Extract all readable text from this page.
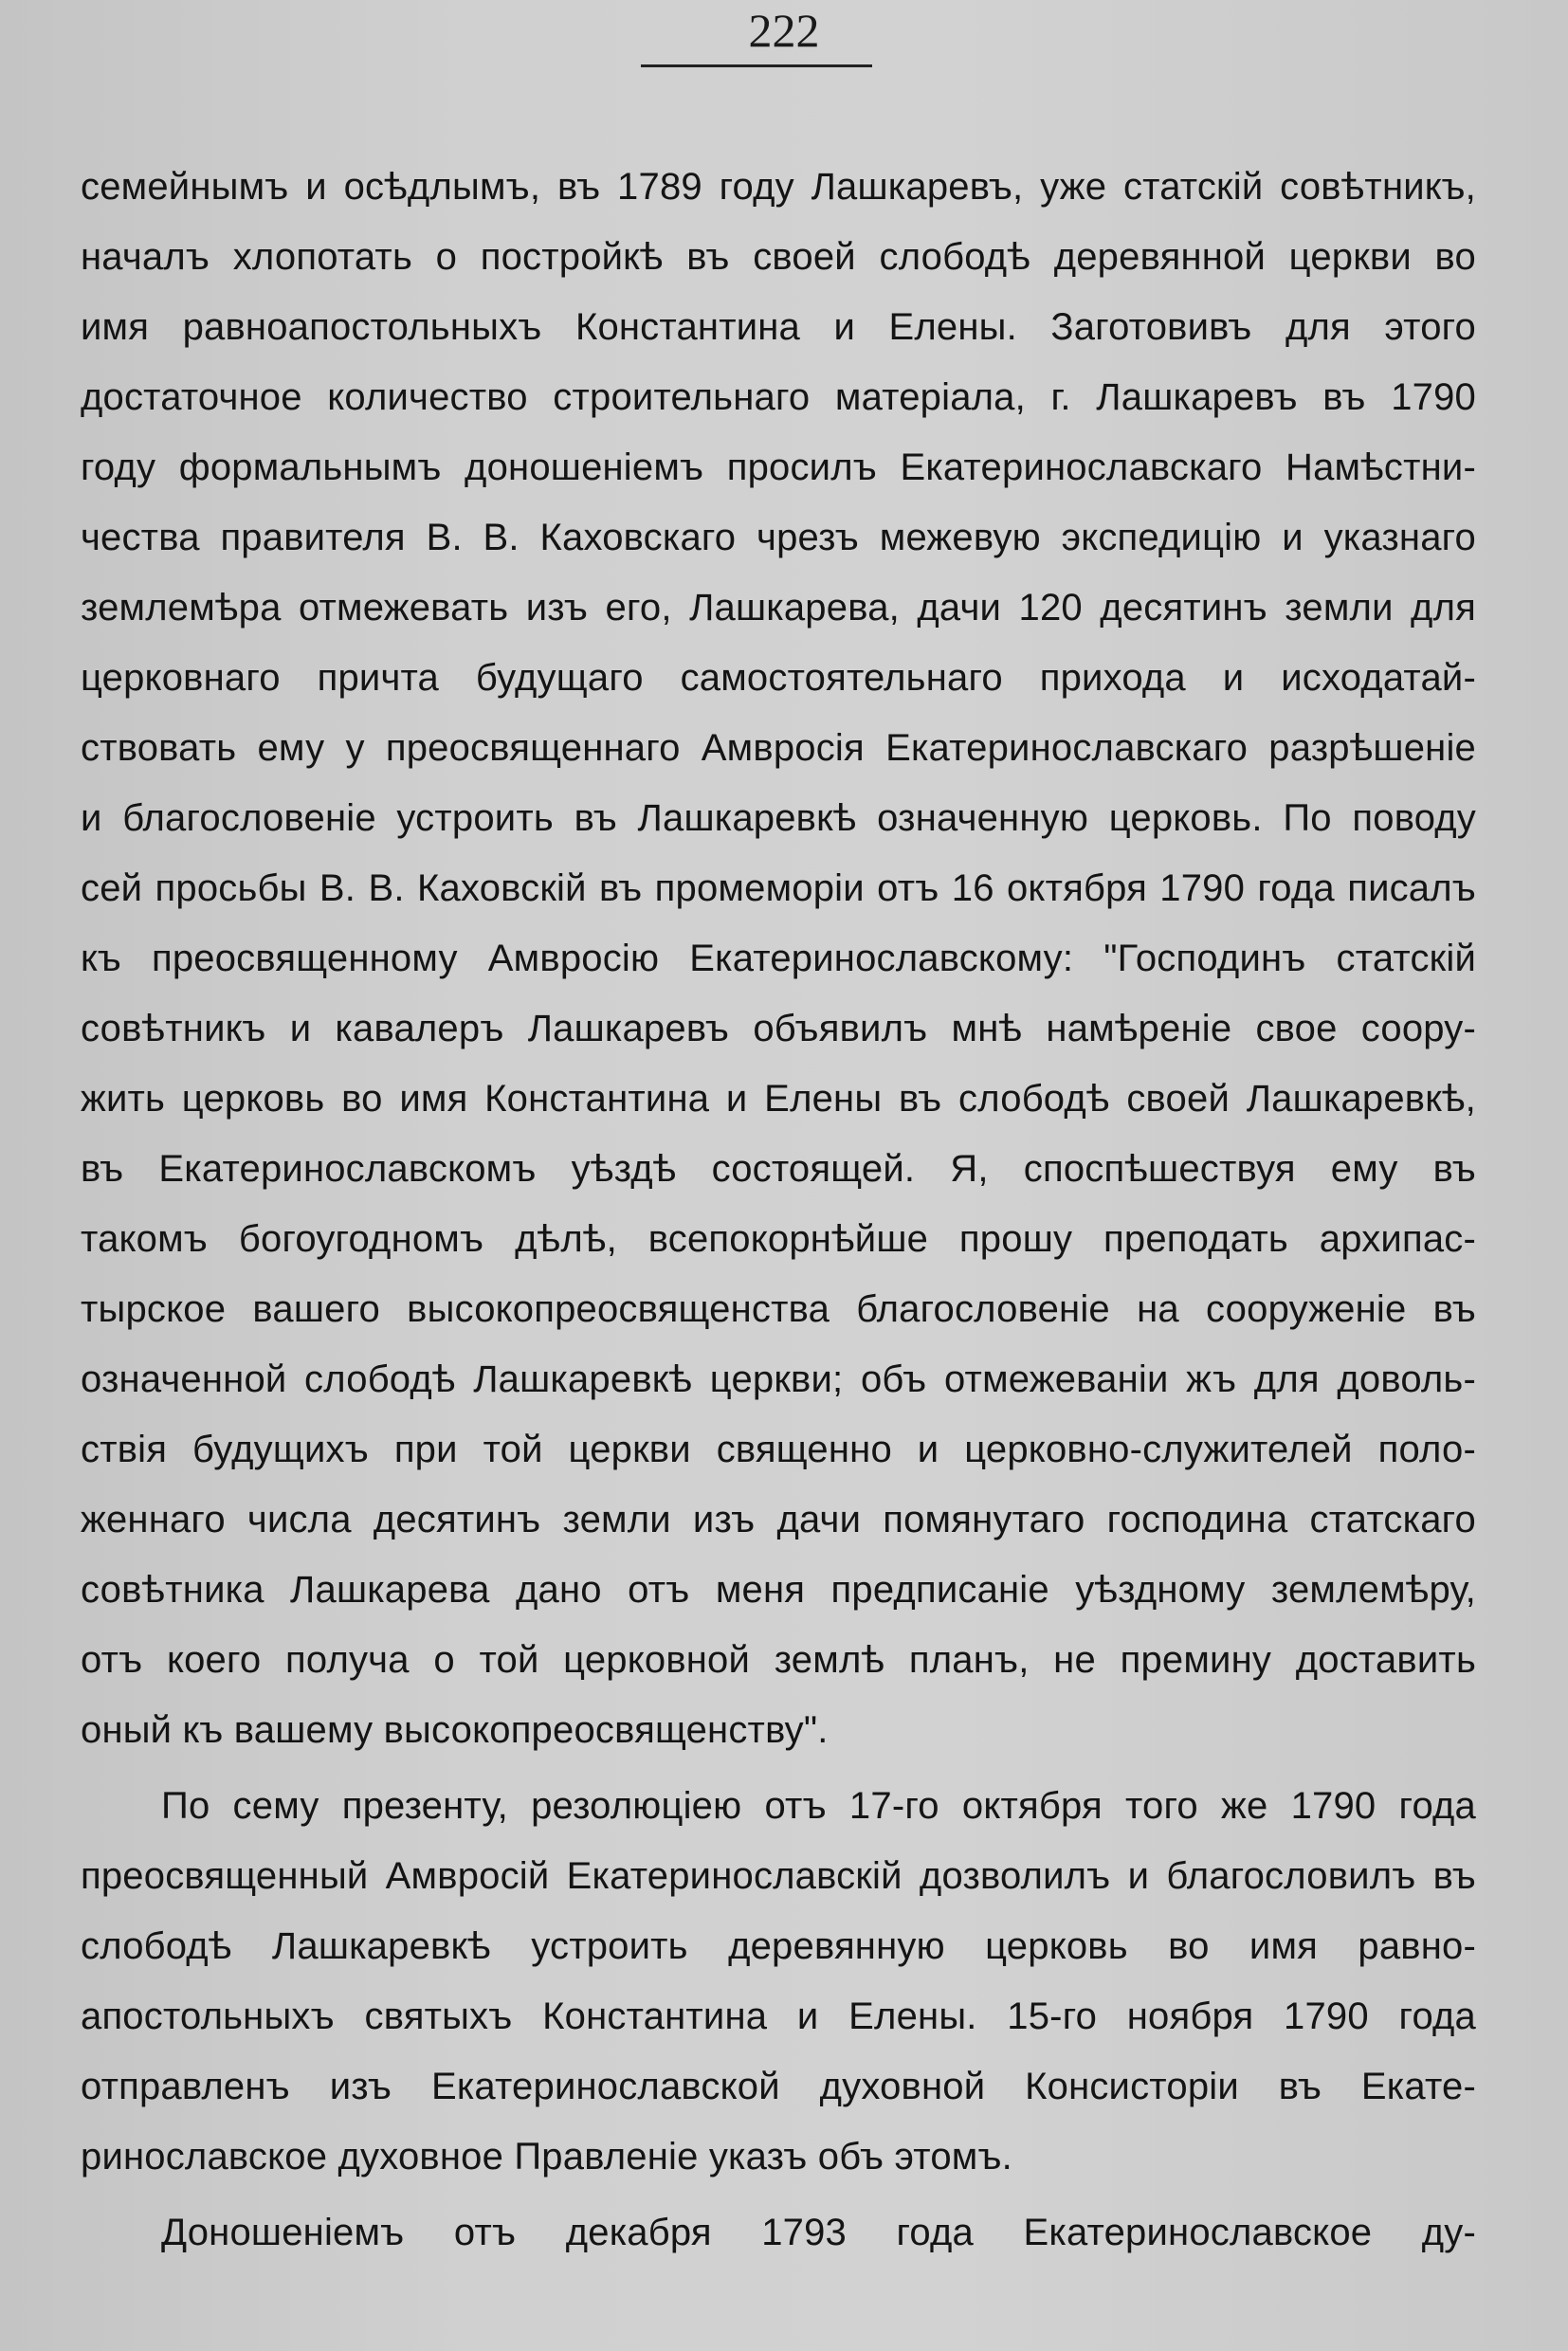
222
семейнымъ и осѣдлымъ, въ 1789 году Лашкаревъ, уже статскій совѣтникъ,
началъ хлопотать о постройкѣ въ своей слободѣ деревянной церкви во
имя равноапостольныхъ Константина и Елены. Заготовивъ для этого
достаточное количество строительнаго матеріала, г. Лашкаревъ въ 1790
году формальнымъ доношеніемъ просилъ Екатеринославскаго Намѣстни-
чества правителя В. В. Каховскаго чрезъ межевую экспедицію и указнаго
землемѣра отмежевать изъ его, Лашкарева, дачи 120 десятинъ земли для
церковнаго причта будущаго самостоятельнаго прихода и исходатай-
ствовать ему у преосвященнаго Амвросія Екатеринославскаго разрѣшеніе
и благословеніе устроить въ Лашкаревкѣ означенную церковь. По поводу
сей просьбы В. В. Каховскій въ промеморіи отъ 16 октября 1790 года писалъ
къ преосвященному Амвросію Екатеринославскому: "Господинъ статскій
совѣтникъ и кавалеръ Лашкаревъ объявилъ мнѣ намѣреніе свое соору-
жить церковь во имя Константина и Елены въ слободѣ своей Лашкаревкѣ,
въ Екатеринославскомъ уѣздѣ состоящей. Я, споспѣшествуя ему въ
такомъ богоугодномъ дѣлѣ, всепокорнѣйше прошу преподать архипас-
тырское вашего высокопреосвященства благословеніе на сооруженіе въ
означенной слободѣ Лашкаревкѣ церкви; объ отмежеваніи жъ для доволь-
ствія будущихъ при той церкви священно и церковно-служителей поло-
женнаго числа десятинъ земли изъ дачи помянутаго господина статскаго
совѣтника Лашкарева дано отъ меня предписаніе уѣздному землемѣру,
отъ коего получа о той церковной землѣ планъ, не премину доставить
оный къ вашему высокопреосвященству".
По сему презенту, резолюціею отъ 17-го октября того же 1790 года
преосвященный Амвросій Екатеринославскій дозволилъ и благословилъ въ
слободѣ Лашкаревкѣ устроить деревянную церковь во имя равно-
апостольныхъ святыхъ Константина и Елены. 15-го ноября 1790 года
отправленъ изъ Екатеринославской духовной Консисторіи въ Екате-
ринославское духовное Правленіе указъ объ этомъ.
Доношеніемъ отъ декабря 1793 года Екатеринославское ду-
